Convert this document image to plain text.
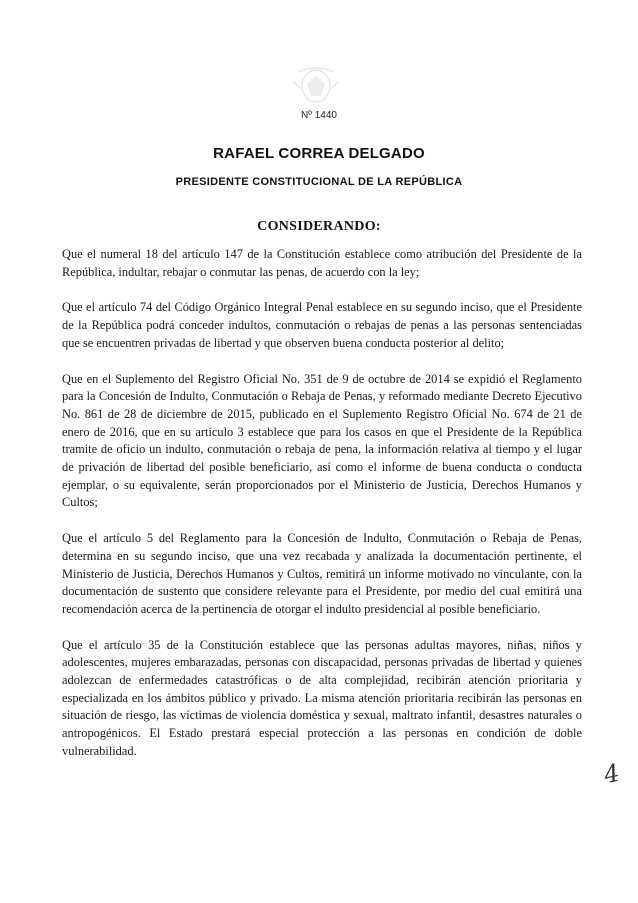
Nº 1440
RAFAEL CORREA DELGADO
PRESIDENTE CONSTITUCIONAL DE LA REPÚBLICA
CONSIDERANDO:

Que el numeral 18 del artículo 147 de la Constitución establece como atribución del Presidente de la República, indultar, rebajar o conmutar las penas, de acuerdo con la ley;

Que el artículo 74 del Código Orgánico Integral Penal establece en su segundo inciso, que el Presidente de la República podrá conceder indultos, conmutación o rebajas de penas a las personas sentenciadas que se encuentren privadas de libertad y que observen buena conducta posterior al delito;

Que en el Suplemento del Registro Oficial No. 351 de 9 de octubre de 2014 se expidió el Reglamento para la Concesión de Indulto, Conmutación o Rebaja de Penas, y reformado mediante Decreto Ejecutivo No. 861 de 28 de diciembre de 2015, publicado en el Suplemento Registro Oficial No. 674 de 21 de enero de 2016, que en su artículo 3 establece que para los casos en que el Presidente de la República tramite de oficio un indulto, conmutación o rebaja de pena, la información relativa al tiempo y el lugar de privación de libertad del posible beneficiario, así como el informe de buena conducta o conducta ejemplar, o su equivalente, serán proporcionados por el Ministerio de Justicia, Derechos Humanos y Cultos;

Que el artículo 5 del Reglamento para la Concesión de Indulto, Conmutación o Rebaja de Penas, determina en su segundo inciso, que una vez recabada y analizada la documentación pertinente, el Ministerio de Justicia, Derechos Humanos y Cultos, remitirá un informe motivado no vinculante, con la documentación de sustento que considere relevante para el Presidente, por medio del cual emitirá una recomendación acerca de la pertinencia de otorgar el indulto presidencial al posible beneficiario.

Que el artículo 35 de la Constitución establece que las personas adultas mayores, niñas, niños y adolescentes, mujeres embarazadas, personas con discapacidad, personas privadas de libertad y quienes adolezcan de enfermedades catastróficas o de alta complejidad, recibirán atención prioritaria y especializada en los ámbitos público y privado. La misma atención prioritaria recibirán las personas en situación de riesgo, las víctimas de violencia doméstica y sexual, maltrato infantil, desastres naturales o antropogénicos. El Estado prestará especial protección a las personas en condición de doble vulnerabilidad.

4
